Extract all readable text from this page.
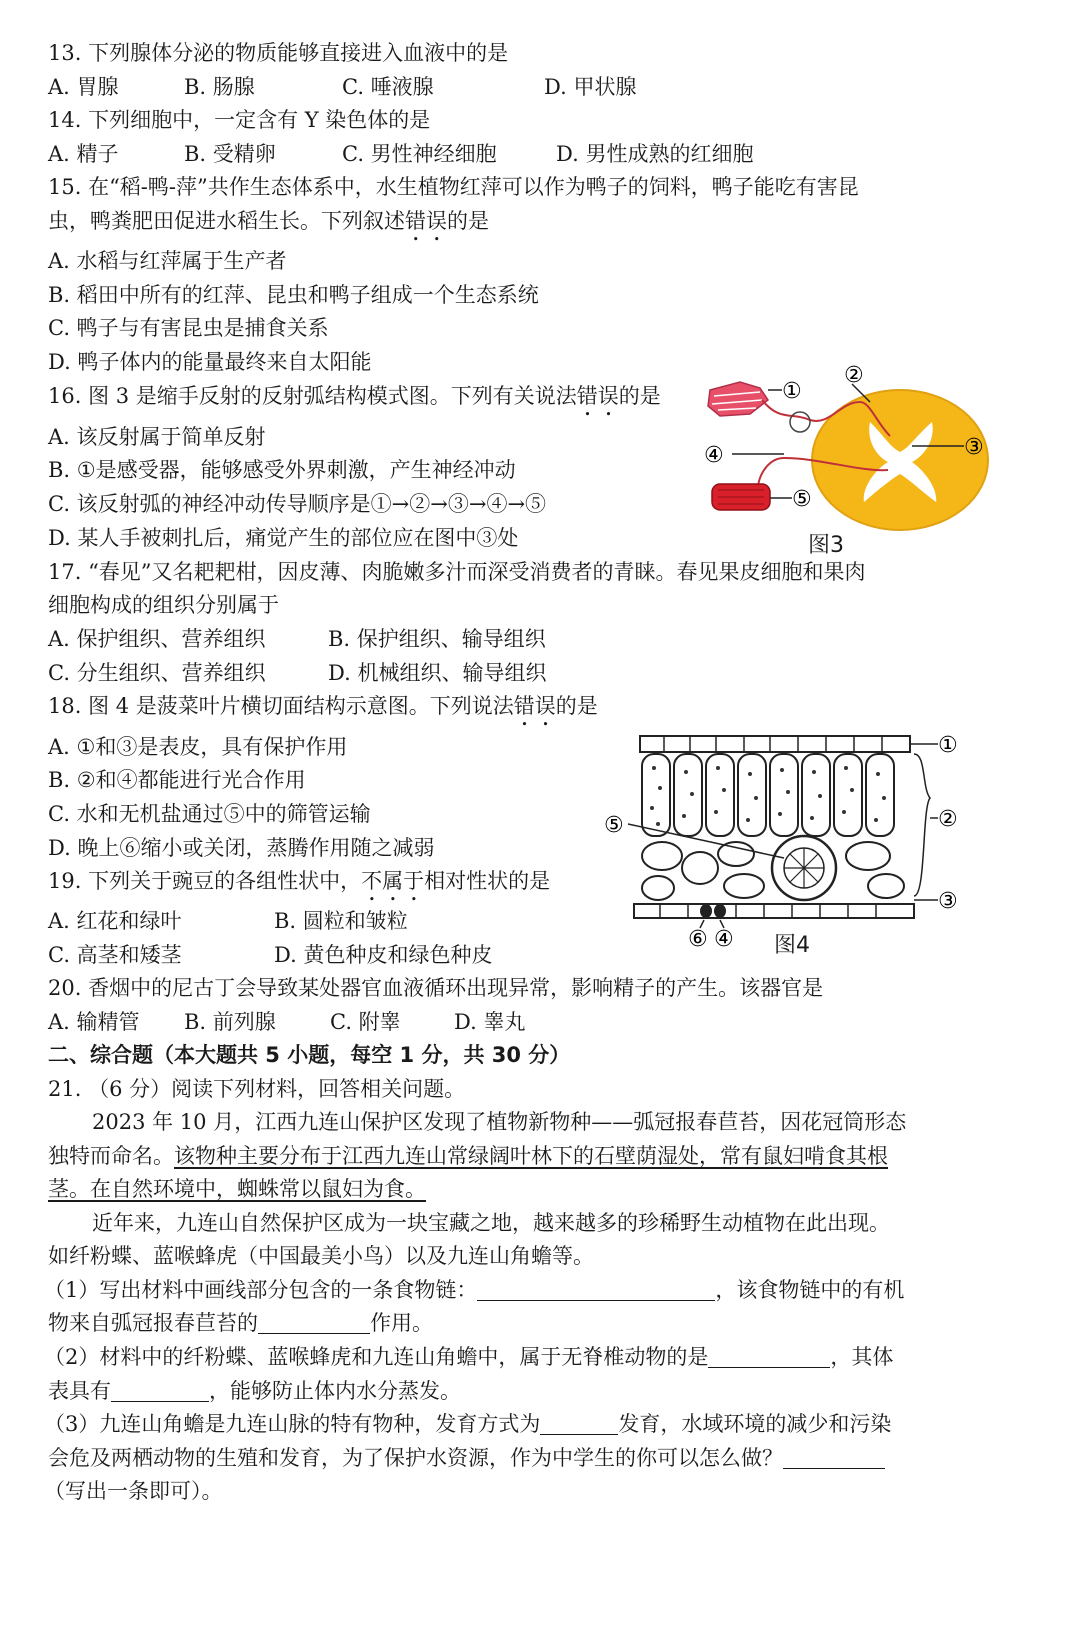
13. 下列腺体分泌的物质能够直接进入血液中的是
A. 胃腺	B. 肠腺	C. 唾液腺	D. 甲状腺
14. 下列细胞中，一定含有 Y 染色体的是
A. 精子	B. 受精卵	C. 男性神经细胞	D. 男性成熟的红细胞
15. 在“稻-鸭-萍”共作生态体系中，水生植物红萍可以作为鸭子的饲料，鸭子能吃有害昆
虫，鸭粪肥田促进水稻生长。下列叙述错误的是
A. 水稻与红萍属于生产者
B. 稻田中所有的红萍、昆虫和鸭子组成一个生态系统
C. 鸭子与有害昆虫是捕食关系
D. 鸭子体内的能量最终来自太阳能
16. 图 3 是缩手反射的反射弧结构模式图。下列有关说法错误的是
A. 该反射属于简单反射
B. ①是感受器，能够感受外界刺激，产生神经冲动
C. 该反射弧的神经冲动传导顺序是①→②→③→④→⑤
D. 某人手被刺扎后，痛觉产生的部位应在图中③处
①
②
③
④
⑤
图3
17. “春见”又名耙耙柑，因皮薄、肉脆嫩多汁而深受消费者的青睐。春见果皮细胞和果肉
细胞构成的组织分别属于
A. 保护组织、营养组织	B. 保护组织、输导组织
C. 分生组织、营养组织	D. 机械组织、输导组织
18. 图 4 是菠菜叶片横切面结构示意图。下列说法错误的是
A. ①和③是表皮，具有保护作用
B. ②和④都能进行光合作用
C. 水和无机盐通过⑤中的筛管运输
D. 晚上⑥缩小或关闭，蒸腾作用随之减弱
①
②
③
④
⑤
⑥	图4
19. 下列关于豌豆的各组性状中，不属于相对性状的是
A. 红花和绿叶	B. 圆粒和皱粒
C. 高茎和矮茎	D. 黄色种皮和绿色种皮
20. 香烟中的尼古丁会导致某处器官血液循环出现异常，影响精子的产生。该器官是
A. 输精管 B. 前列腺	C. 附睾	D. 睾丸
二、综合题（本大题共 5 小题，每空 1 分，共 30 分）
21. （6 分）阅读下列材料，回答相关问题。
2023 年 10 月，江西九连山保护区发现了植物新物种——弧冠报春苣苔，因花冠筒形态
独特而命名。该物种主要分布于江西九连山常绿阔叶林下的石壁荫湿处，常有鼠妇啃食其根
茎。在自然环境中，蜘蛛常以鼠妇为食。
近年来，九连山自然保护区成为一块宝藏之地，越来越多的珍稀野生动植物在此出现。
如纤粉蝶、蓝喉蜂虎（中国最美小鸟）以及九连山角蟾等。
（1）写出材料中画线部分包含的一条食物链：	，该食物链中的有机
物来自弧冠报春苣苔的	作用。
（2）材料中的纤粉蝶、蓝喉蜂虎和九连山角蟾中，属于无脊椎动物的是	，其体
表具有	，能够防止体内水分蒸发。
（3）九连山角蟾是九连山脉的特有物种，发育方式为	发育，水域环境的减少和污染
会危及两栖动物的生殖和发育，为了保护水资源，作为中学生的你可以怎么做？
（写出一条即可）。
